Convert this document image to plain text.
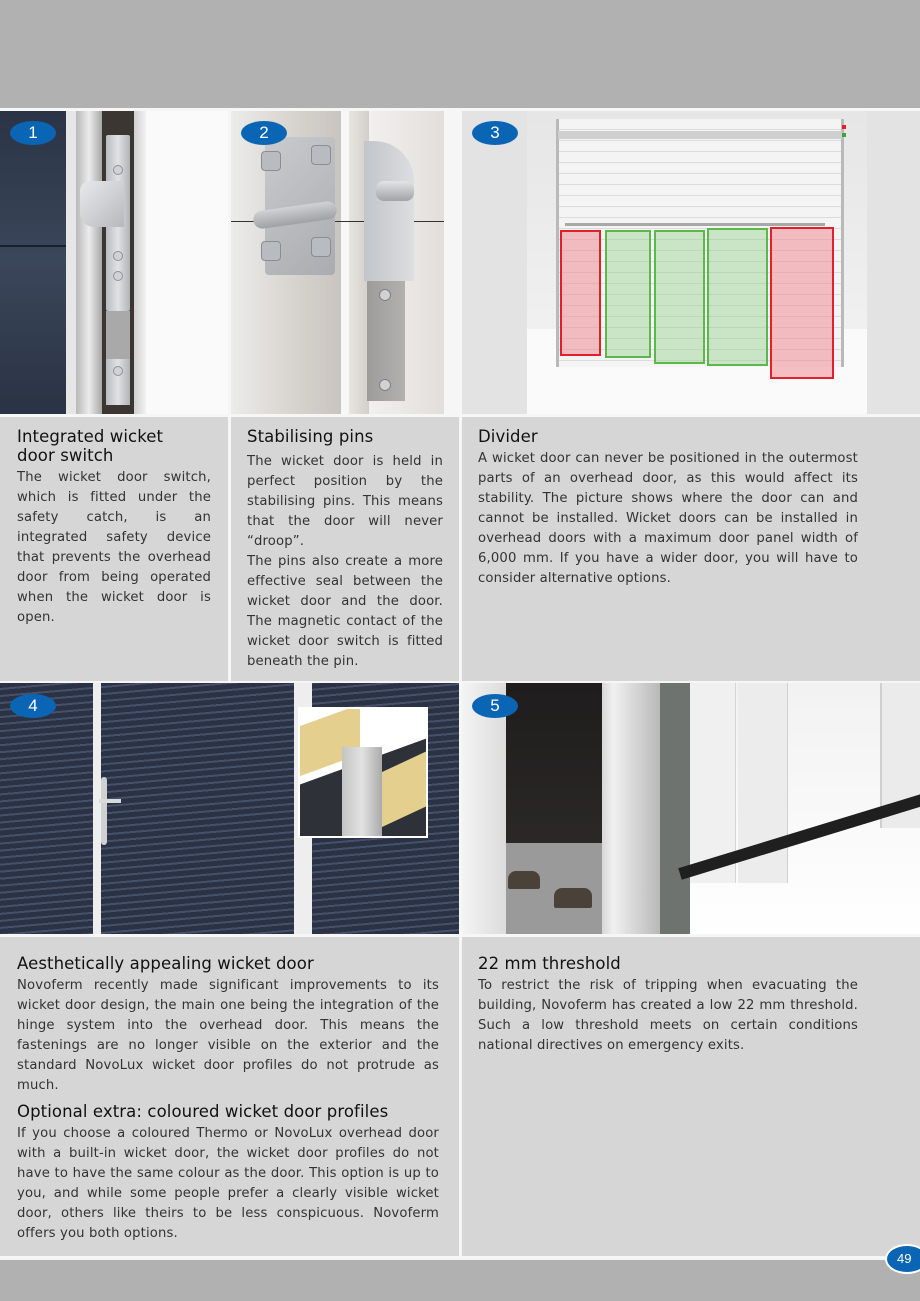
1	2	3
Integrated wicket
door switch

The wicket door switch, which is fitted under the safety catch, is an integrated safety device that prevents the overhead door from being operated when the wicket door is open.

Stabilising pins

The wicket door is held in perfect position by the stabilising pins. This means that the door will never “droop”.

The pins also create a more effective seal between the wicket door and the door. The magnetic contact of the wicket door switch is fitted beneath the pin.

Divider

A wicket door can never be positioned in the outermost parts of an overhead door, as this would affect its stability. The picture shows where the door can and cannot be installed. Wicket doors can be installed in overhead doors with a maximum door panel width of 6,000 mm. If you have a wider door, you will have to consider alternative options.

4	5
Aesthetically appealing wicket door

Novoferm recently made significant improvements to its wicket door design, the main one being the integration of the hinge system into the overhead door. This means the fastenings are no longer visible on the exterior and the standard NovoLux wicket door profiles do not protrude as much.

Optional extra: coloured wicket door profiles

If you choose a coloured Thermo or NovoLux overhead door with a built-in wicket door, the wicket door profiles do not have to have the same colour as the door. This option is up to you, and while some people prefer a clearly visible wicket door, others like theirs to be less conspicuous. Novoferm offers you both options.

22 mm threshold

To restrict the risk of tripping when evacuating the building, Novoferm has created a low 22 mm threshold. Such a low threshold meets on certain conditions national directives on emergency exits.

49
